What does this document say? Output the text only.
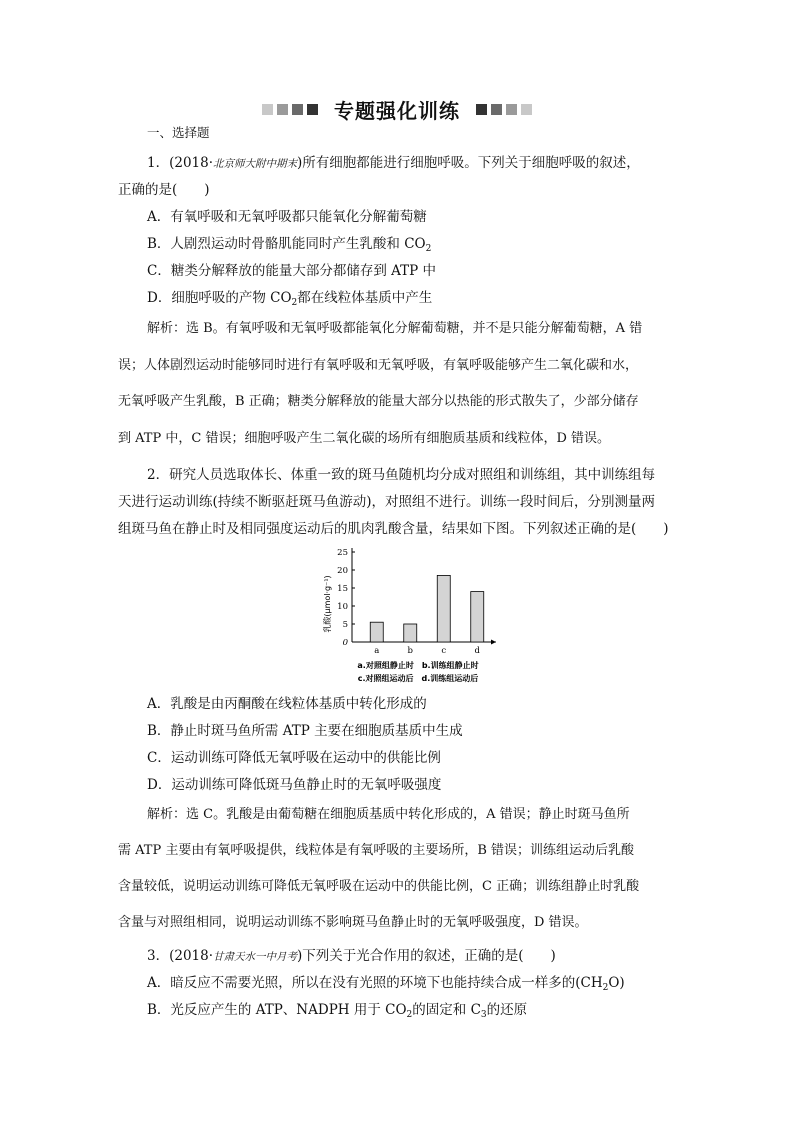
专题强化训练
一、选择题
1．(2018·北京师大附中期末)所有细胞都能进行细胞呼吸。下列关于细胞呼吸的叙述，
正确的是(　　)
A．有氧呼吸和无氧呼吸都只能氧化分解葡萄糖
B．人剧烈运动时骨骼肌能同时产生乳酸和 $CO_2$
C．糖类分解释放的能量大部分都储存到 ATP 中
D．细胞呼吸的产物 $CO_2$都在线粒体基质中产生
解析：选 B。有氧呼吸和无氧呼吸都能氧化分解葡萄糖，并不是只能分解葡萄糖，A 错
误；人体剧烈运动时能够同时进行有氧呼吸和无氧呼吸，有氧呼吸能够产生二氧化碳和水，
无氧呼吸产生乳酸，B 正确；糖类分解释放的能量大部分以热能的形式散失了，少部分储存
到 ATP 中，C 错误；细胞呼吸产生二氧化碳的场所有细胞质基质和线粒体，D 错误。
2．研究人员选取体长、体重一致的斑马鱼随机均分成对照组和训练组，其中训练组每
天进行运动训练(持续不断驱赶斑马鱼游动)，对照组不进行。训练一段时间后，分别测量两
组斑马鱼在静止时及相同强度运动后的肌肉乳酸含量，结果如下图。下列叙述正确的是(　　)
乳酸(μmol·g⁻¹)
0
5
10
15
20
25
a	b	c	d
a.对照组静止时　b.训练组静止时
c.对照组运动后　d.训练组运动后
A．乳酸是由丙酮酸在线粒体基质中转化形成的
B．静止时斑马鱼所需 ATP 主要在细胞质基质中生成
C．运动训练可降低无氧呼吸在运动中的供能比例
D．运动训练可降低斑马鱼静止时的无氧呼吸强度
解析：选 C。乳酸是由葡萄糖在细胞质基质中转化形成的，A 错误；静止时斑马鱼所
需 ATP 主要由有氧呼吸提供，线粒体是有氧呼吸的主要场所，B 错误；训练组运动后乳酸
含量较低，说明运动训练可降低无氧呼吸在运动中的供能比例，C 正确；训练组静止时乳酸
含量与对照组相同，说明运动训练不影响斑马鱼静止时的无氧呼吸强度，D 错误。
3．(2018·甘肃天水一中月考)下列关于光合作用的叙述，正确的是(　　)
A．暗反应不需要光照，所以在没有光照的环境下也能持续合成一样多的$(CH_2O)$
B．光反应产生的 ATP、NADPH 用于 $CO_2$的固定和 $C_3$的还原
